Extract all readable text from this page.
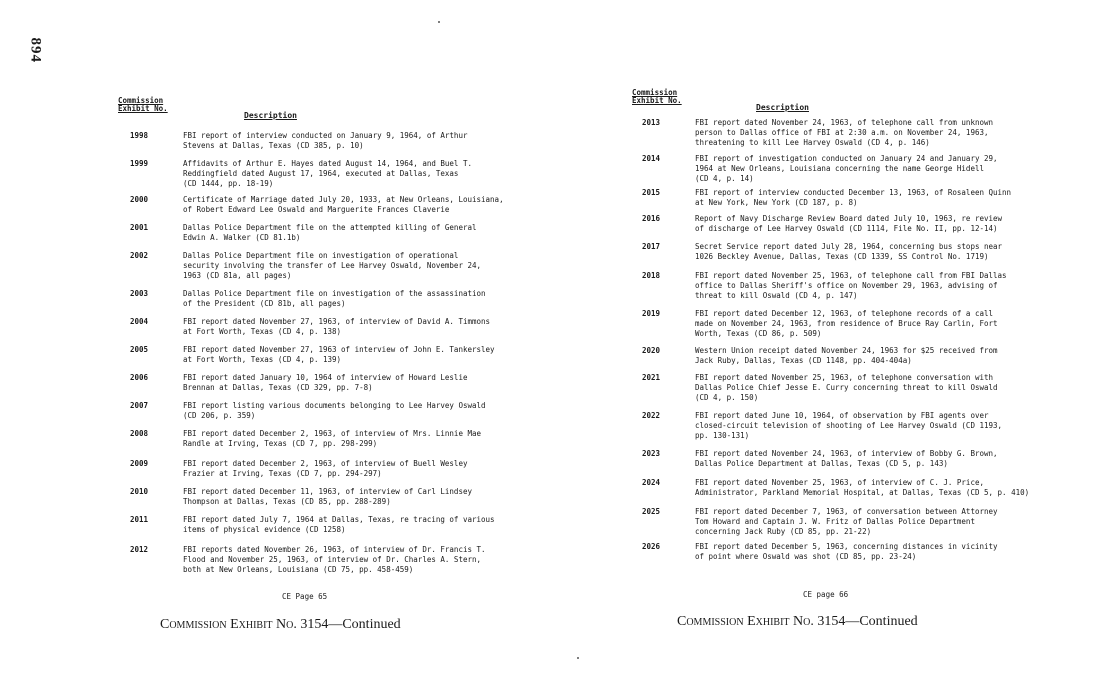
894
Commission
Exhibit No.
Description
1998	FBI report of interview conducted on January 9, 1964, of Arthur
Stevens at Dallas, Texas (CD 385, p. 10)
1999	Affidavits of Arthur E. Hayes dated August 14, 1964, and Buel T.
Reddingfield dated August 17, 1964, executed at Dallas, Texas
(CD 1444, pp. 18-19)
2000	Certificate of Marriage dated July 20, 1933, at New Orleans, Louisiana,
of Robert Edward Lee Oswald and Marguerite Frances Claverie
2001	Dallas Police Department file on the attempted killing of General
Edwin A. Walker (CD 81.1b)
2002	Dallas Police Department file on investigation of operational
security involving the transfer of Lee Harvey Oswald, November 24,
1963 (CD 81a, all pages)
2003	Dallas Police Department file on investigation of the assassination
of the President (CD 81b, all pages)
2004	FBI report dated November 27, 1963, of interview of David A. Timmons
at Fort Worth, Texas (CD 4, p. 138)
2005	FBI report dated November 27, 1963 of interview of John E. Tankersley
at Fort Worth, Texas (CD 4, p. 139)
2006	FBI report dated January 10, 1964 of interview of Howard Leslie
Brennan at Dallas, Texas (CD 329, pp. 7-8)
2007	FBI report listing various documents belonging to Lee Harvey Oswald
(CD 206, p. 359)
2008	FBI report dated December 2, 1963, of interview of Mrs. Linnie Mae
Randle at Irving, Texas (CD 7, pp. 298-299)
2009	FBI report dated December 2, 1963, of interview of Buell Wesley
Frazier at Irving, Texas (CD 7, pp. 294-297)
2010	FBI report dated December 11, 1963, of interview of Carl Lindsey
Thompson at Dallas, Texas (CD 85, pp. 288-289)
2011	FBI report dated July 7, 1964 at Dallas, Texas, re tracing of various
items of physical evidence (CD 1258)
2012	FBI reports dated November 26, 1963, of interview of Dr. Francis T.
Flood and November 25, 1963, of interview of Dr. Charles A. Stern,
both at New Orleans, Louisiana (CD 75, pp. 458-459)
Commission
Exhibit No.
Description
2013	FBI report dated November 24, 1963, of telephone call from unknown
person to Dallas office of FBI at 2:30 a.m. on November 24, 1963,
threatening to kill Lee Harvey Oswald (CD 4, p. 146)
2014	FBI report of investigation conducted on January 24 and January 29,
1964 at New Orleans, Louisiana concerning the name George Hidell
(CD 4, p. 14)
2015	FBI report of interview conducted December 13, 1963, of Rosaleen Quinn
at New York, New York (CD 187, p. 8)
2016	Report of Navy Discharge Review Board dated July 10, 1963, re review
of discharge of Lee Harvey Oswald (CD 1114, File No. II, pp. 12-14)
2017	Secret Service report dated July 28, 1964, concerning bus stops near
1026 Beckley Avenue, Dallas, Texas (CD 1339, SS Control No. 1719)
2018	FBI report dated November 25, 1963, of telephone call from FBI Dallas
office to Dallas Sheriff's office on November 29, 1963, advising of
threat to kill Oswald (CD 4, p. 147)
2019	FBI report dated December 12, 1963, of telephone records of a call
made on November 24, 1963, from residence of Bruce Ray Carlin, Fort
Worth, Texas (CD 86, p. 509)
2020	Western Union receipt dated November 24, 1963 for $25 received from
Jack Ruby, Dallas, Texas (CD 1148, pp. 404-404a)
2021	FBI report dated November 25, 1963, of telephone conversation with
Dallas Police Chief Jesse E. Curry concerning threat to kill Oswald
(CD 4, p. 150)
2022	FBI report dated June 10, 1964, of observation by FBI agents over
closed-circuit television of shooting of Lee Harvey Oswald (CD 1193,
pp. 130-131)
2023	FBI report dated November 24, 1963, of interview of Bobby G. Brown,
Dallas Police Department at Dallas, Texas (CD 5, p. 143)
2024	FBI report dated November 25, 1963, of interview of C. J. Price,
Administrator, Parkland Memorial Hospital, at Dallas, Texas (CD 5, p. 410)
2025	FBI report dated December 7, 1963, of conversation between Attorney
Tom Howard and Captain J. W. Fritz of Dallas Police Department
concerning Jack Ruby (CD 85, pp. 21-22)
2026	FBI report dated December 5, 1963, concerning distances in vicinity
of point where Oswald was shot (CD 85, pp. 23-24)
CE Page 65	CE page 66
Commission Exhibit No. 3154—Continued	Commission Exhibit No. 3154—Continued
